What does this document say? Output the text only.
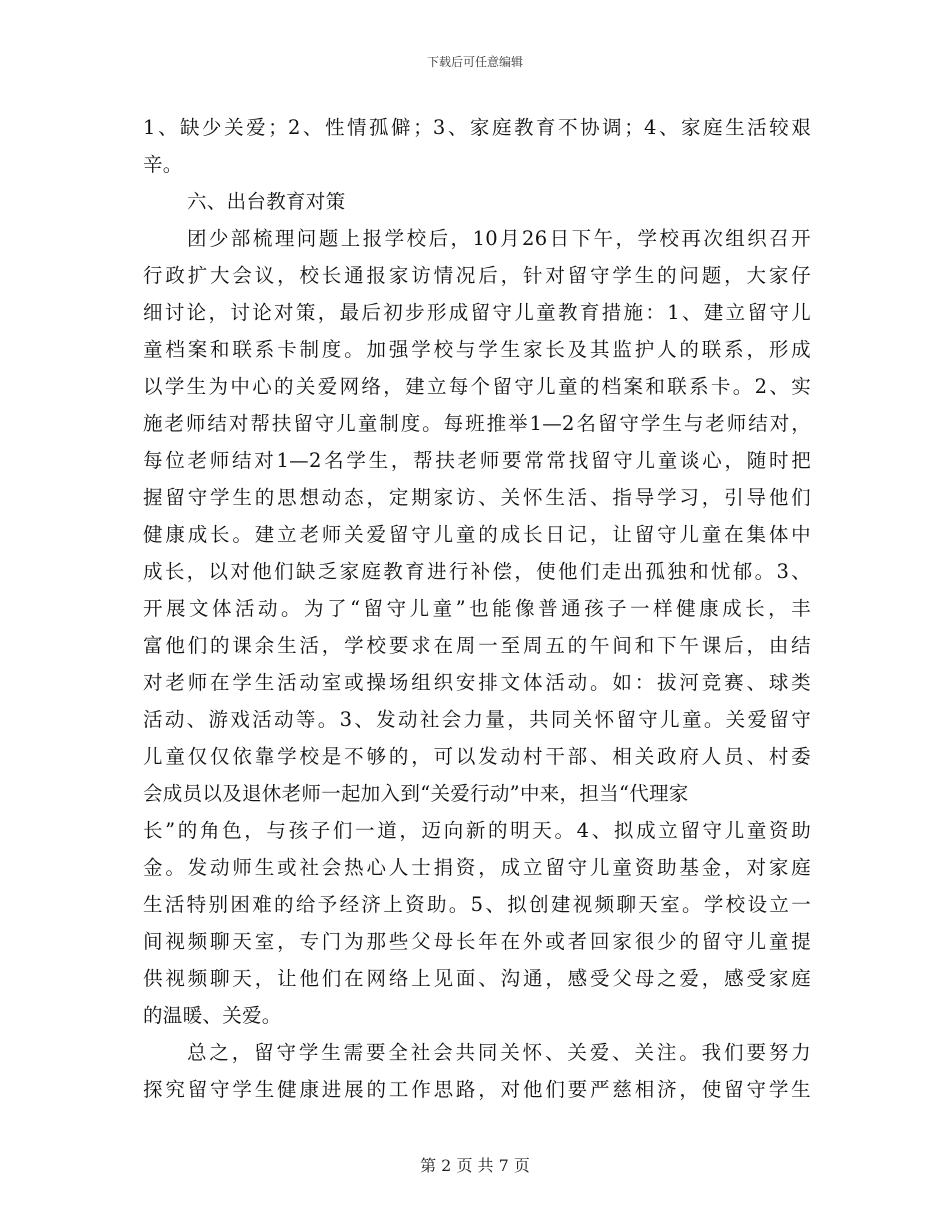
下载后可任意编辑
1、缺少关爱；2、性情孤僻；3、家庭教育不协调；4、家庭生活较艰
辛。
六、出台教育对策
团少部梳理问题上报学校后，10月26日下午，学校再次组织召开
行政扩大会议，校长通报家访情况后，针对留守学生的问题，大家仔
细讨论，讨论对策，最后初步形成留守儿童教育措施：1、建立留守儿
童档案和联系卡制度。加强学校与学生家长及其监护人的联系，形成
以学生为中心的关爱网络，建立每个留守儿童的档案和联系卡。2、实
施老师结对帮扶留守儿童制度。每班推举1—2名留守学生与老师结对，
每位老师结对1—2名学生，帮扶老师要常常找留守儿童谈心，随时把
握留守学生的思想动态，定期家访、关怀生活、指导学习，引导他们
健康成长。建立老师关爱留守儿童的成长日记，让留守儿童在集体中
成长，以对他们缺乏家庭教育进行补偿，使他们走出孤独和忧郁。3、
开展文体活动。为了“留守儿童”也能像普通孩子一样健康成长，丰
富他们的课余生活，学校要求在周一至周五的午间和下午课后，由结
对老师在学生活动室或操场组织安排文体活动。如：拔河竞赛、球类
活动、游戏活动等。3、发动社会力量，共同关怀留守儿童。关爱留守
儿童仅仅依靠学校是不够的，可以发动村干部、相关政府人员、村委
会成员以及退休老师一起加入到“关爱行动”中来，担当“代理家
长”的角色，与孩子们一道，迈向新的明天。4、拟成立留守儿童资助
金。发动师生或社会热心人士捐资，成立留守儿童资助基金，对家庭
生活特别困难的给予经济上资助。5、拟创建视频聊天室。学校设立一
间视频聊天室，专门为那些父母长年在外或者回家很少的留守儿童提
供视频聊天，让他们在网络上见面、沟通，感受父母之爱，感受家庭
的温暖、关爱。
总之，留守学生需要全社会共同关怀、关爱、关注。我们要努力
探究留守学生健康进展的工作思路，对他们要严慈相济，使留守学生
第 2 页 共 7 页
